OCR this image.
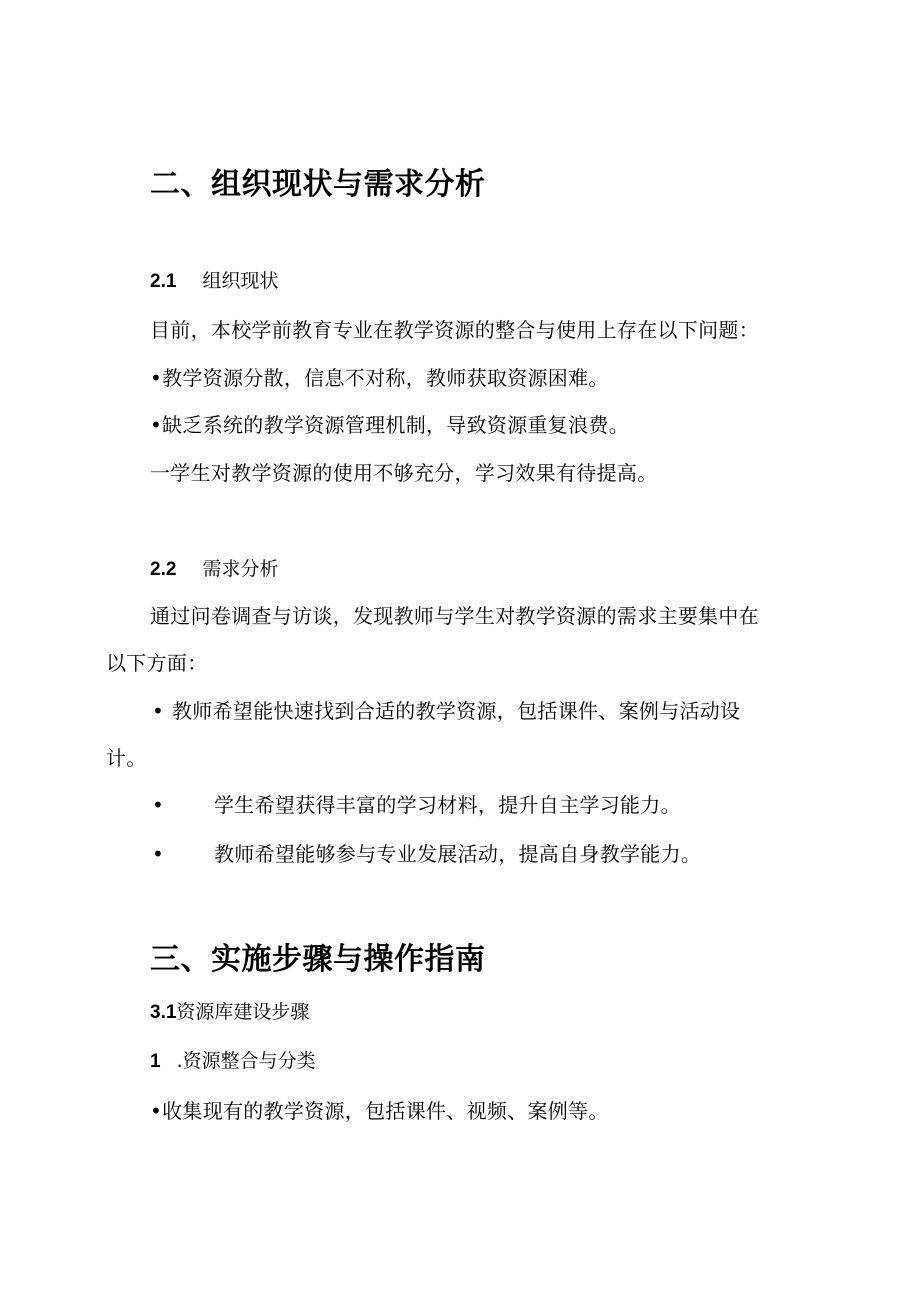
二、组织现状与需求分析
2.1 组织现状
目前，本校学前教育专业在教学资源的整合与使用上存在以下问题：
•教学资源分散，信息不对称，教师获取资源困难。
•缺乏系统的教学资源管理机制，导致资源重复浪费。
一学生对教学资源的使用不够充分，学习效果有待提高。
2.2 需求分析
通过问卷调查与访谈，发现教师与学生对教学资源的需求主要集中在
以下方面：
• 教师希望能快速找到合适的教学资源，包括课件、案例与活动设
计。
• 学生希望获得丰富的学习材料，提升自主学习能力。
• 教师希望能够参与专业发展活动，提高自身教学能力。
三、实施步骤与操作指南
3.1资源库建设步骤
1 .资源整合与分类
•收集现有的教学资源，包括课件、视频、案例等。
